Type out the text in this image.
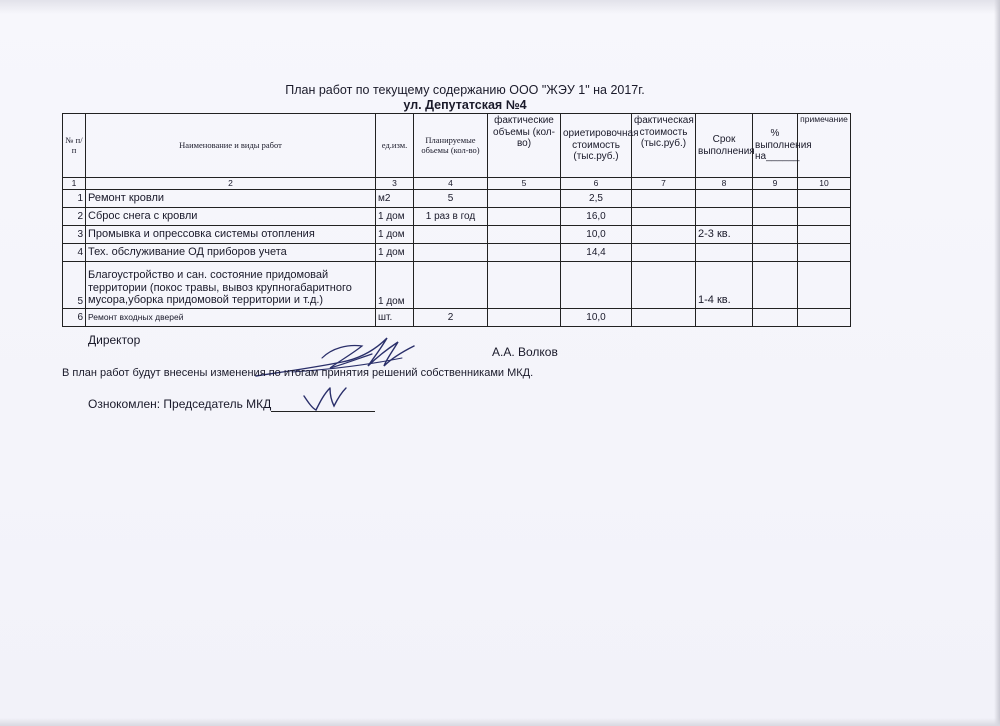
План работ по текущему содержанию ООО "ЖЭУ 1" на 2017г.
ул. Депутатская №4
№ п/п	Наименование и виды работ	ед.изм.	Планируемые обьемы (кол-во)	фактические объемы (кол-во)	ориетировочная стоимость (тыс.руб.)	фактическая стоимость (тыс.руб.)	Срок выполнения	% выполнения на______	примечание
1	2	3	4	5	6	7	8	9	10
1	Ремонт кровли	м2	5		2,5				
2	Сброс снега с кровли	1 дом	1 раз в год		16,0				
3	Промывка и опрессовка системы отопления	1 дом			10,0		2-3 кв.		
4	Тех. обслуживание ОД приборов учета	1 дом			14,4				
5	Благоустройство и сан. состояние придомовай территории (покос травы, вывоз крупногабаритного мусора,уборка придомовой территории и т.д.)	1 дом					1-4 кв.		
6	Ремонт входных дверей	шт.	2		10,0				
Директор
А.А. Волков
В план работ будут внесены изменения по итогам принятия решений собственниками МКД.
Ознокомлен: Председатель МКД
